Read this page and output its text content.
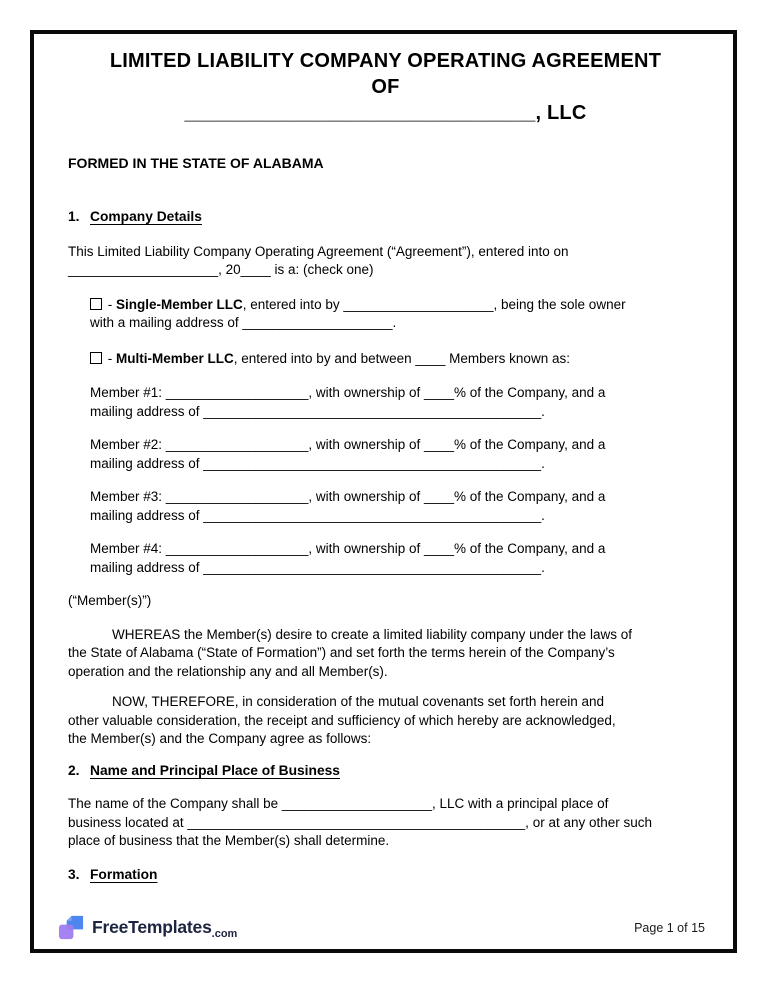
LIMITED LIABILITY COMPANY OPERATING AGREEMENT
OF
_______________________________, LLC
FORMED IN THE STATE OF ALABAMA
1. Company Details
This Limited Liability Company Operating Agreement (“Agreement”), entered into on
____________________, 20____ is a: (check one)
- Single-Member LLC, entered into by ____________________, being the sole owner
with a mailing address of ____________________.
- Multi-Member LLC, entered into by and between ____ Members known as:
Member #1: ___________________, with ownership of ____% of the Company, and a
mailing address of _____________________________________________.
Member #2: ___________________, with ownership of ____% of the Company, and a
mailing address of _____________________________________________.
Member #3: ___________________, with ownership of ____% of the Company, and a
mailing address of _____________________________________________.
Member #4: ___________________, with ownership of ____% of the Company, and a
mailing address of _____________________________________________.
(“Member(s)”)
WHEREAS the Member(s) desire to create a limited liability company under the laws of
the State of Alabama (“State of Formation”) and set forth the terms herein of the Company’s
operation and the relationship any and all Member(s).
NOW, THEREFORE, in consideration of the mutual covenants set forth herein and
other valuable consideration, the receipt and sufficiency of which hereby are acknowledged,
the Member(s) and the Company agree as follows:
2. Name and Principal Place of Business
The name of the Company shall be ____________________, LLC with a principal place of
business located at _____________________________________________, or at any other such
place of business that the Member(s) shall determine.
3. Formation
FreeTemplates .com	Page 1 of 15
